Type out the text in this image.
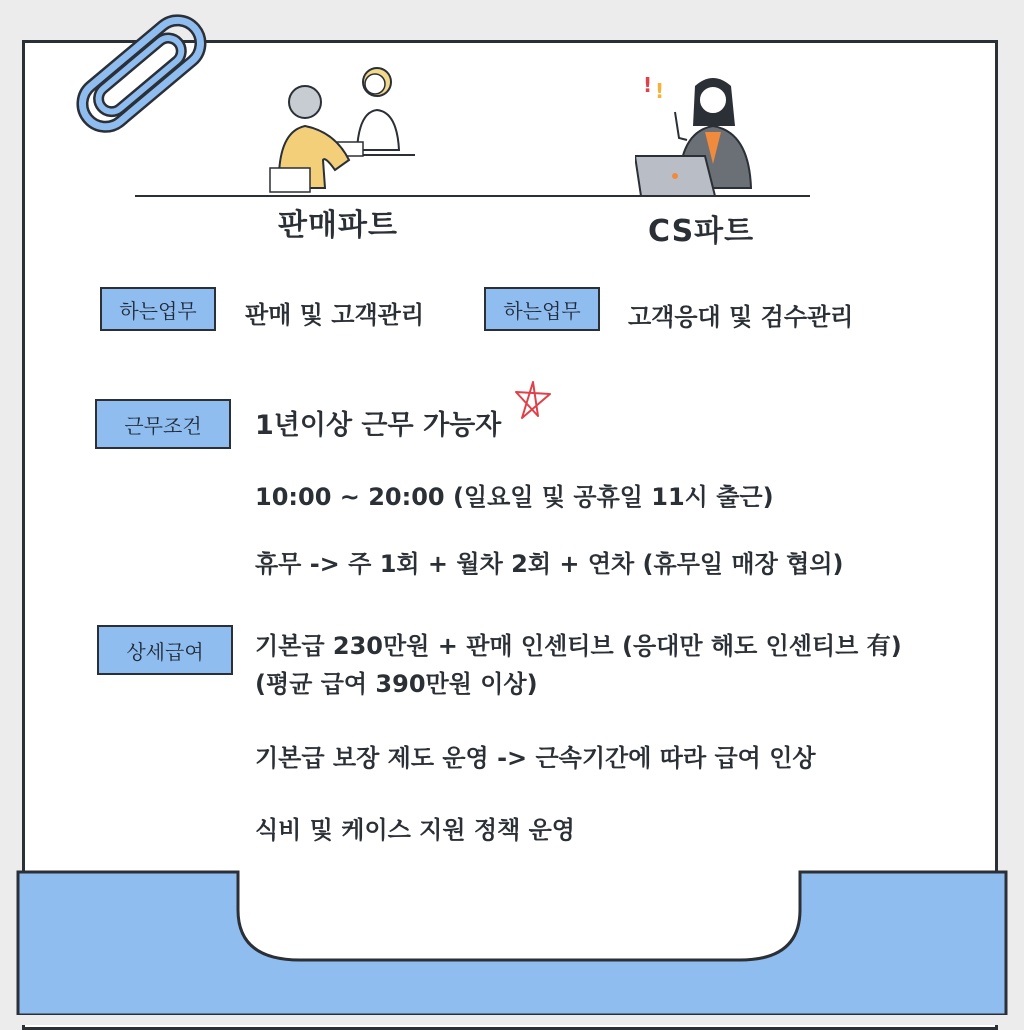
! !
판매파트	CS파트
하는업무	판매 및 고객관리	하는업무	고객응대 및 검수관리
근무조건	1년이상 근무 가능자
10:00 ~ 20:00 (일요일 및 공휴일 11시 출근)
휴무 -> 주 1회 + 월차 2회 + 연차 (휴무일 매장 협의)
상세급여	기본급 230만원 + 판매 인센티브 (응대만 해도 인센티브 有)
(평균 급여 390만원 이상)
기본급 보장 제도 운영 -> 근속기간에 따라 급여 인상
식비 및 케이스 지원 정책 운영
